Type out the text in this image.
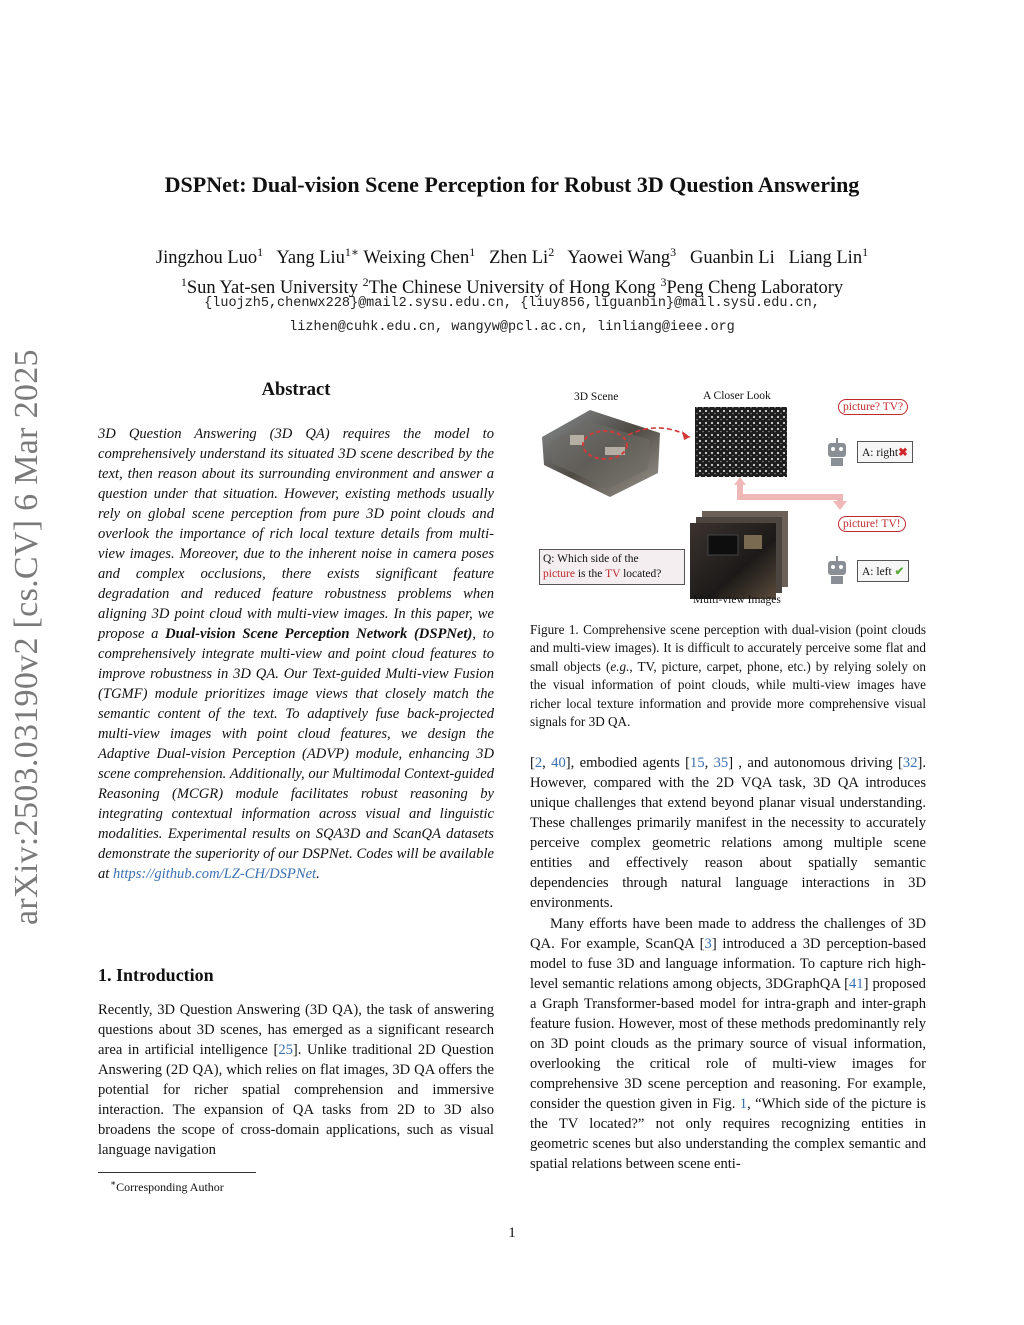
arXiv:2503.03190v2 [cs.CV] 6 Mar 2025
DSPNet: Dual-vision Scene Perception for Robust 3D Question Answering
Jingzhou Luo$^1$ Yang Liu$^{1∗}$ Weixing Chen$^1$ Zhen Li$^2$ Yaowei Wang$^3$ Guanbin Li Liang Lin$^1$
$^1$Sun Yat-sen University $^2$The Chinese University of Hong Kong $^3$Peng Cheng Laboratory
{luojzh5,chenwx228}@mail2.sysu.edu.cn, {liuy856,liguanbin}@mail.sysu.edu.cn,
lizhen@cuhk.edu.cn, wangyw@pcl.ac.cn, linliang@ieee.org
Abstract
3D Question Answering (3D QA) requires the model to comprehensively understand its situated 3D scene described by the text, then reason about its surrounding environment and answer a question under that situation. However, existing methods usually rely on global scene perception from pure 3D point clouds and overlook the importance of rich local texture details from multi-view images. Moreover, due to the inherent noise in camera poses and complex occlusions, there exists significant feature degradation and reduced feature robustness problems when aligning 3D point cloud with multi-view images. In this paper, we propose a Dual-vision Scene Perception Network (DSPNet), to comprehensively integrate multi-view and point cloud features to improve robustness in 3D QA. Our Text-guided Multi-view Fusion (TGMF) module prioritizes image views that closely match the semantic content of the text. To adaptively fuse back-projected multi-view images with point cloud features, we design the Adaptive Dual-vision Perception (ADVP) module, enhancing 3D scene comprehension. Additionally, our Multimodal Context-guided Reasoning (MCGR) module facilitates robust reasoning by integrating contextual information across visual and linguistic modalities. Experimental results on SQA3D and ScanQA datasets demonstrate the superiority of our DSPNet. Codes will be available at https://github.com/LZ-CH/DSPNet.
1. Introduction
Recently, 3D Question Answering (3D QA), the task of answering questions about 3D scenes, has emerged as a significant research area in artificial intelligence [25]. Unlike traditional 2D Question Answering (2D QA), which relies on flat images, 3D QA offers the potential for richer spatial comprehension and immersive interaction. The expansion of QA tasks from 2D to 3D also broadens the scope of cross-domain applications, such as visual language navigation
∗Corresponding Author
3D Scene	A Closer Look
Multi-view Images
Q: Which side of the
picture is the TV located?
picture? TV?
A: right✖
picture! TV!
A: left ✔
Figure 1. Comprehensive scene perception with dual-vision (point clouds and multi-view images). It is difficult to accurately perceive some flat and small objects (e.g., TV, picture, carpet, phone, etc.) by relying solely on the visual information of point clouds, while multi-view images have richer local texture information and provide more comprehensive visual signals for 3D QA.

[2, 40], embodied agents [15, 35] , and autonomous driving [32]. However, compared with the 2D VQA task, 3D QA introduces unique challenges that extend beyond planar visual understanding. These challenges primarily manifest in the necessity to accurately perceive complex geometric relations among multiple scene entities and effectively reason about spatially semantic dependencies through natural language interactions in 3D environments.

Many efforts have been made to address the challenges of 3D QA. For example, ScanQA [3] introduced a 3D perception-based model to fuse 3D and language information. To capture rich high-level semantic relations among objects, 3DGraphQA [41] proposed a Graph Transformer-based model for intra-graph and inter-graph feature fusion. However, most of these methods predominantly rely on 3D point clouds as the primary source of visual information, overlooking the critical role of multi-view images for comprehensive 3D scene perception and reasoning. For example, consider the question given in Fig. 1, “Which side of the picture is the TV located?” not only requires recognizing entities in geometric scenes but also understanding the complex semantic and spatial relations between scene enti-

1
